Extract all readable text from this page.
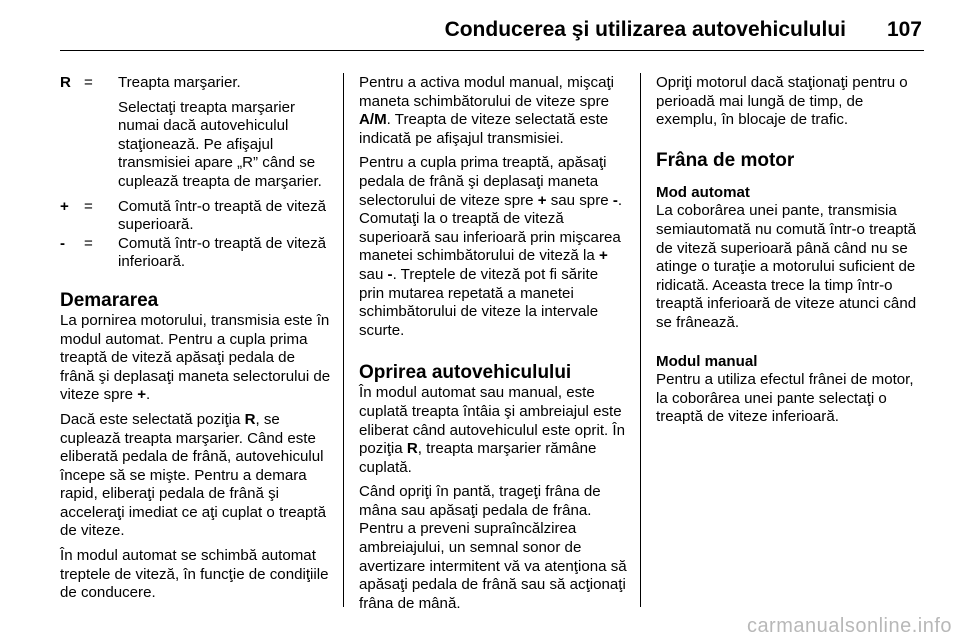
Conducerea şi utilizarea autovehiculului 107
R =	Treapta marşarier.
Selectaţi treapta marşarier numai dacă autovehiculul staţionează. Pe afişajul transmisiei apare „R” când se cuplează treapta de marşarier.
+	=	Comută într-o treaptă de viteză superioară.
-	=	Comută într-o treaptă de viteză inferioară.
Demararea

La pornirea motorului, transmisia este în modul automat. Pentru a cupla prima treaptă de viteză apăsaţi pedala de frână şi deplasaţi maneta selectorului de viteze spre +.

Dacă este selectată poziţia R, se cuplează treapta marşarier. Când este eliberată pedala de frână, autovehiculul începe să se mişte. Pentru a demara rapid, eliberaţi pedala de frână şi acceleraţi imediat ce aţi cuplat o treaptă de viteze.

În modul automat se schimbă automat treptele de viteză, în funcţie de condiţiile de conducere.

Pentru a activa modul manual, mişcaţi maneta schimbătorului de viteze spre A/M. Treapta de viteze selectată este indicată pe afişajul transmisiei.

Pentru a cupla prima treaptă, apăsaţi pedala de frână şi deplasaţi maneta selectorului de viteze spre + sau spre -. Comutaţi la o treaptă de viteză superioară sau inferioară prin mişcarea manetei schimbătorului de viteză la + sau -. Treptele de viteză pot fi sărite prin mutarea repetată a manetei schimbătorului de viteze la intervale scurte.

Oprirea autovehiculului

În modul automat sau manual, este cuplată treapta întâia şi ambreiajul este eliberat când autovehiculul este oprit. În poziţia R, treapta marşarier rămâne cuplată.

Când opriţi în pantă, trageţi frâna de mâna sau apăsaţi pedala de frâna. Pentru a preveni supraîncălzirea ambreiajului, un semnal sonor de avertizare intermitent vă va atenţiona să apăsaţi pedala de frână sau să acţionaţi frâna de mână.

Opriţi motorul dacă staţionaţi pentru o perioadă mai lungă de timp, de exemplu, în blocaje de trafic.

Frâna de motor
Mod automat

La coborârea unei pante, transmisia semiautomată nu comută într-o treaptă de viteză superioară până când nu se atinge o turaţie a motorului suficient de ridicată. Aceasta trece la timp într-o treaptă inferioară de viteze atunci când se frânează.

Modul manual

Pentru a utiliza efectul frânei de motor, la coborârea unei pante selectaţi o treaptă de viteze inferioară.

carmanualsonline.info
